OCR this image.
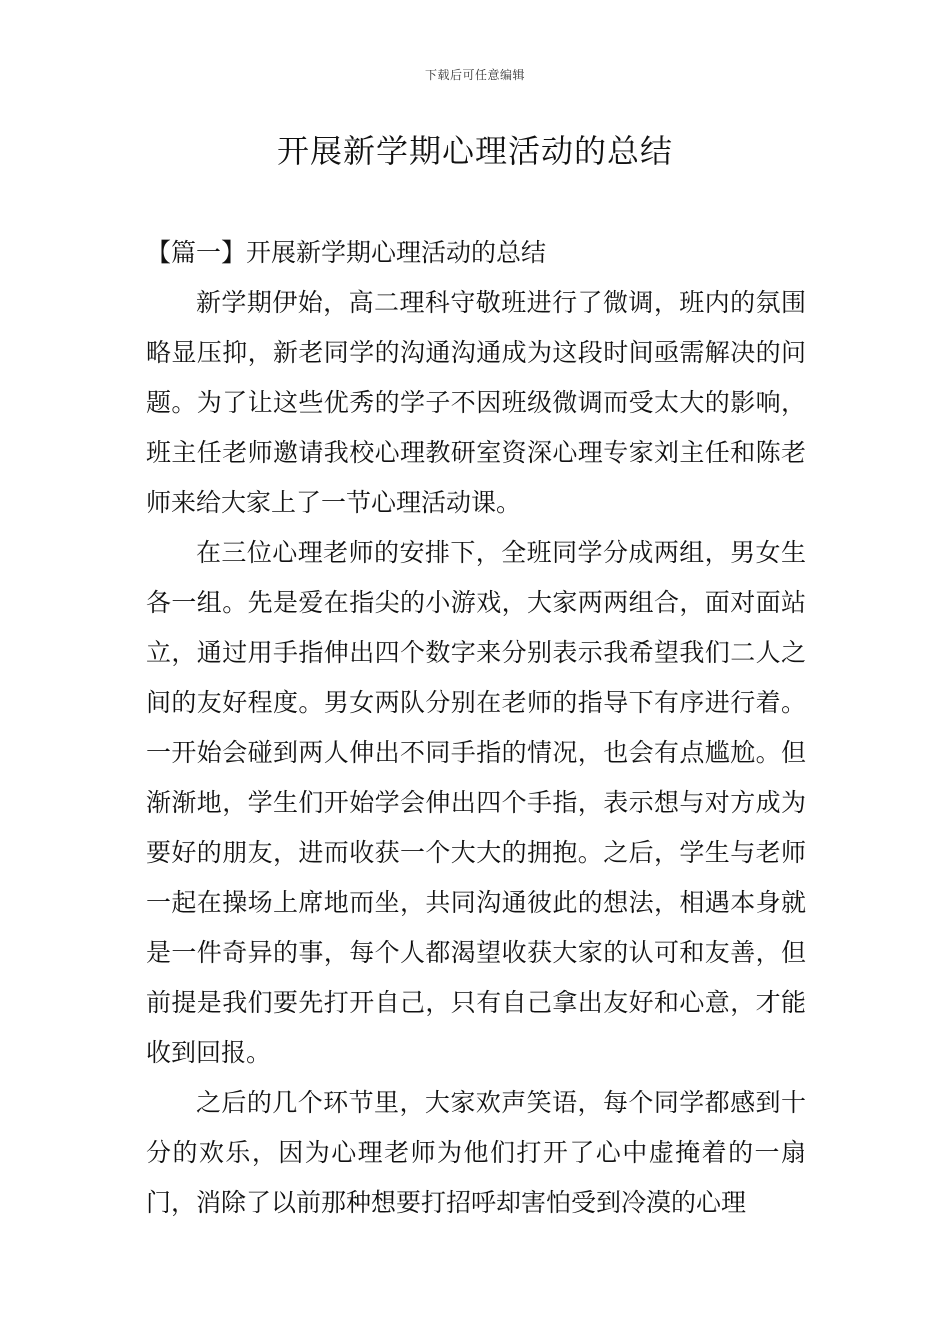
下载后可任意编辑
开展新学期心理活动的总结

【篇一】开展新学期心理活动的总结

新学期伊始，高二理科守敬班进行了微调，班内的氛围略显压抑，新老同学的沟通沟通成为这段时间亟需解决的问题。为了让这些优秀的学子不因班级微调而受太大的影响，班主任老师邀请我校心理教研室资深心理专家刘主任和陈老师来给大家上了一节心理活动课。

在三位心理老师的安排下，全班同学分成两组，男女生各一组。先是爱在指尖的小游戏，大家两两组合，面对面站立，通过用手指伸出四个数字来分别表示我希望我们二人之间的友好程度。男女两队分别在老师的指导下有序进行着。一开始会碰到两人伸出不同手指的情况，也会有点尴尬。但渐渐地，学生们开始学会伸出四个手指，表示想与对方成为要好的朋友，进而收获一个大大的拥抱。之后，学生与老师一起在操场上席地而坐，共同沟通彼此的想法，相遇本身就是一件奇异的事，每个人都渴望收获大家的认可和友善，但前提是我们要先打开自己，只有自己拿出友好和心意，才能收到回报。

之后的几个环节里，大家欢声笑语，每个同学都感到十分的欢乐，因为心理老师为他们打开了心中虚掩着的一扇门，消除了以前那种想要打招呼却害怕受到冷漠的心理
